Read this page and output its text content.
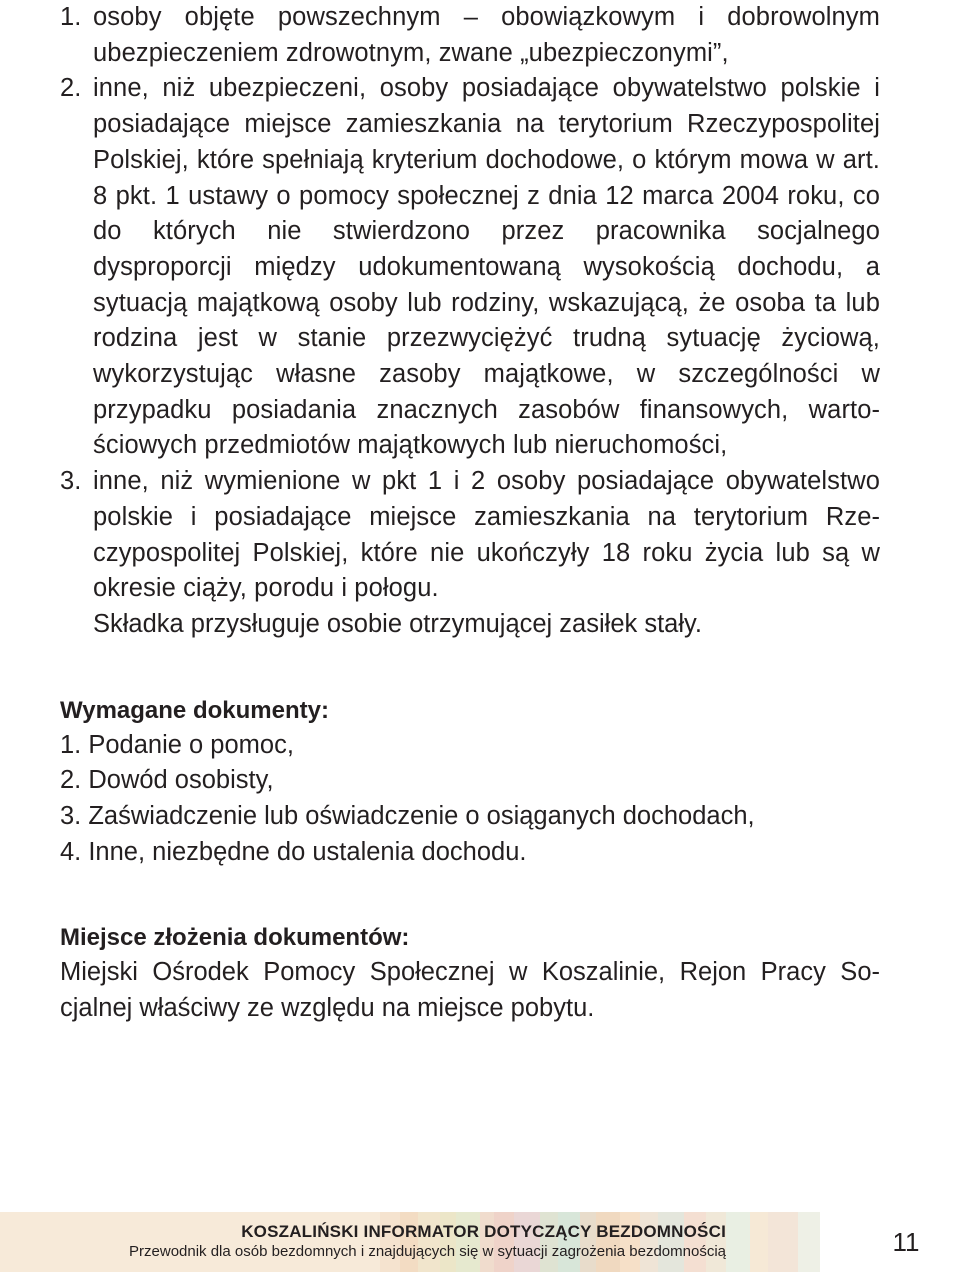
1. osoby objęte powszechnym – obowiązkowym i dobrowolnym ubezpieczeniem zdrowotnym, zwane „ubezpieczonymi”,
2. inne, niż ubezpieczeni, osoby posiadające obywatelstwo polskie i posiadające miejsce zamieszkania na terytorium Rzeczypospolitej Polskiej, które spełniają kryterium dochodowe, o którym mowa w art. 8 pkt. 1 ustawy o pomocy społecznej z dnia 12 marca 2004 roku, co do których nie stwierdzono przez pracownika socjalnego dysproporcji między udokumentowaną wysokością dochodu, a sytuacją majątkową osoby lub rodziny, wskazującą, że osoba ta lub rodzina jest w stanie przezwyciężyć trudną sytuację życiową, wykorzystując własne zasoby majątkowe, w szczególności w przypadku posiadania znacznych zasobów finansowych, wartościowych przedmiotów majątkowych lub nieruchomości,
3. inne, niż wymienione w pkt 1 i 2 osoby posiadające obywatelstwo polskie i posiadające miejsce zamieszkania na terytorium Rzeczypospolitej Polskiej, które nie ukończyły 18 roku życia lub są w okresie ciąży, porodu i połogu.
Składka przysługuje osobie otrzymującej zasiłek stały.
Wymagane dokumenty:
1. Podanie o pomoc,
2. Dowód osobisty,
3. Zaświadczenie lub oświadczenie o osiąganych dochodach,
4. Inne, niezbędne do ustalenia dochodu.
Miejsce złożenia dokumentów:
Miejski Ośrodek Pomocy Społecznej w Koszalinie, Rejon Pracy Socjalnej właściwy ze względu na miejsce pobytu.
KOSZALIŃSKI INFORMATOR DOTYCZĄCY BEZDOMNOŚCI
Przewodnik dla osób bezdomnych i znajdujących się w sytuacji zagrożenia bezdomnością	11
